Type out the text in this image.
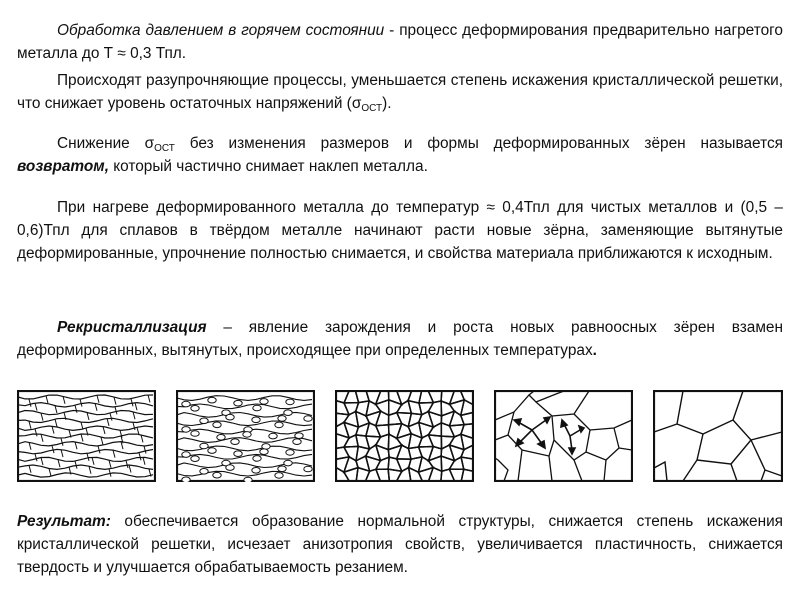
Обработка давлением в горячем состоянии - процесс деформирования предварительно нагретого металла до Т ≈ 0,3 Тпл.
Происходят разупрочняющие процессы, уменьшается степень искажения кристаллической решетки, что снижает уровень остаточных напряжений $(\sigma_{ОСТ})$.
Снижение $\sigma_{ОСТ}$ без изменения размеров и формы деформированных зёрен называется возвратом, который частично снимает наклеп металла.
При нагреве деформированного металла до температур ≈ 0,4Тпл для чистых металлов и (0,5 – 0,6)Тпл для сплавов в твёрдом металле начинают расти новые зёрна, заменяющие вытянутые деформированные, упрочнение полностью снимается, и свойства материала приближаются к исходным.
Рекристаллизация – явление зарождения и роста новых равноосных зёрен взамен деформированных, вытянутых, происходящее при определенных температурах.
Результат: обеспечивается образование нормальной структуры, снижается степень искажения кристаллической решетки, исчезает анизотропия свойств, увеличивается пластичность, снижается твердость и улучшается обрабатываемость резанием.
